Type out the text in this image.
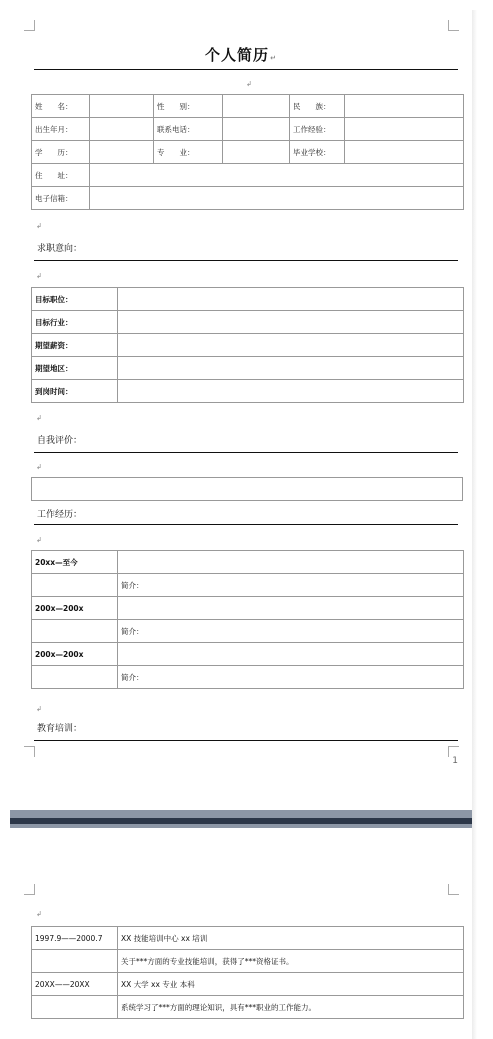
个人简历↵
↲
姓　　名：		性　　别：		民　　族：	
出生年月：		联系电话：		工作经验：	
学　　历：		专　　业：		毕业学校：	
住　　址：					
电子信箱：					
↲
求职意向：
↲
目标职位：	
目标行业：	
期望薪资：	
期望地区：	
到岗时间：	
↲
自我评价：
↲
工作经历：
↲
20xx—至今	
	简介：
200x—200x	
	简介：
200x—200x	
	简介：
↲
教育培训：
1
↲
1997.9——2000.7	XX 技能培训中心 xx 培训
	关于***方面的专业技能培训，获得了***资格证书。
20XX——20XX	XX 大学 xx 专业 本科
	系统学习了***方面的理论知识，具有***职业的工作能力。
